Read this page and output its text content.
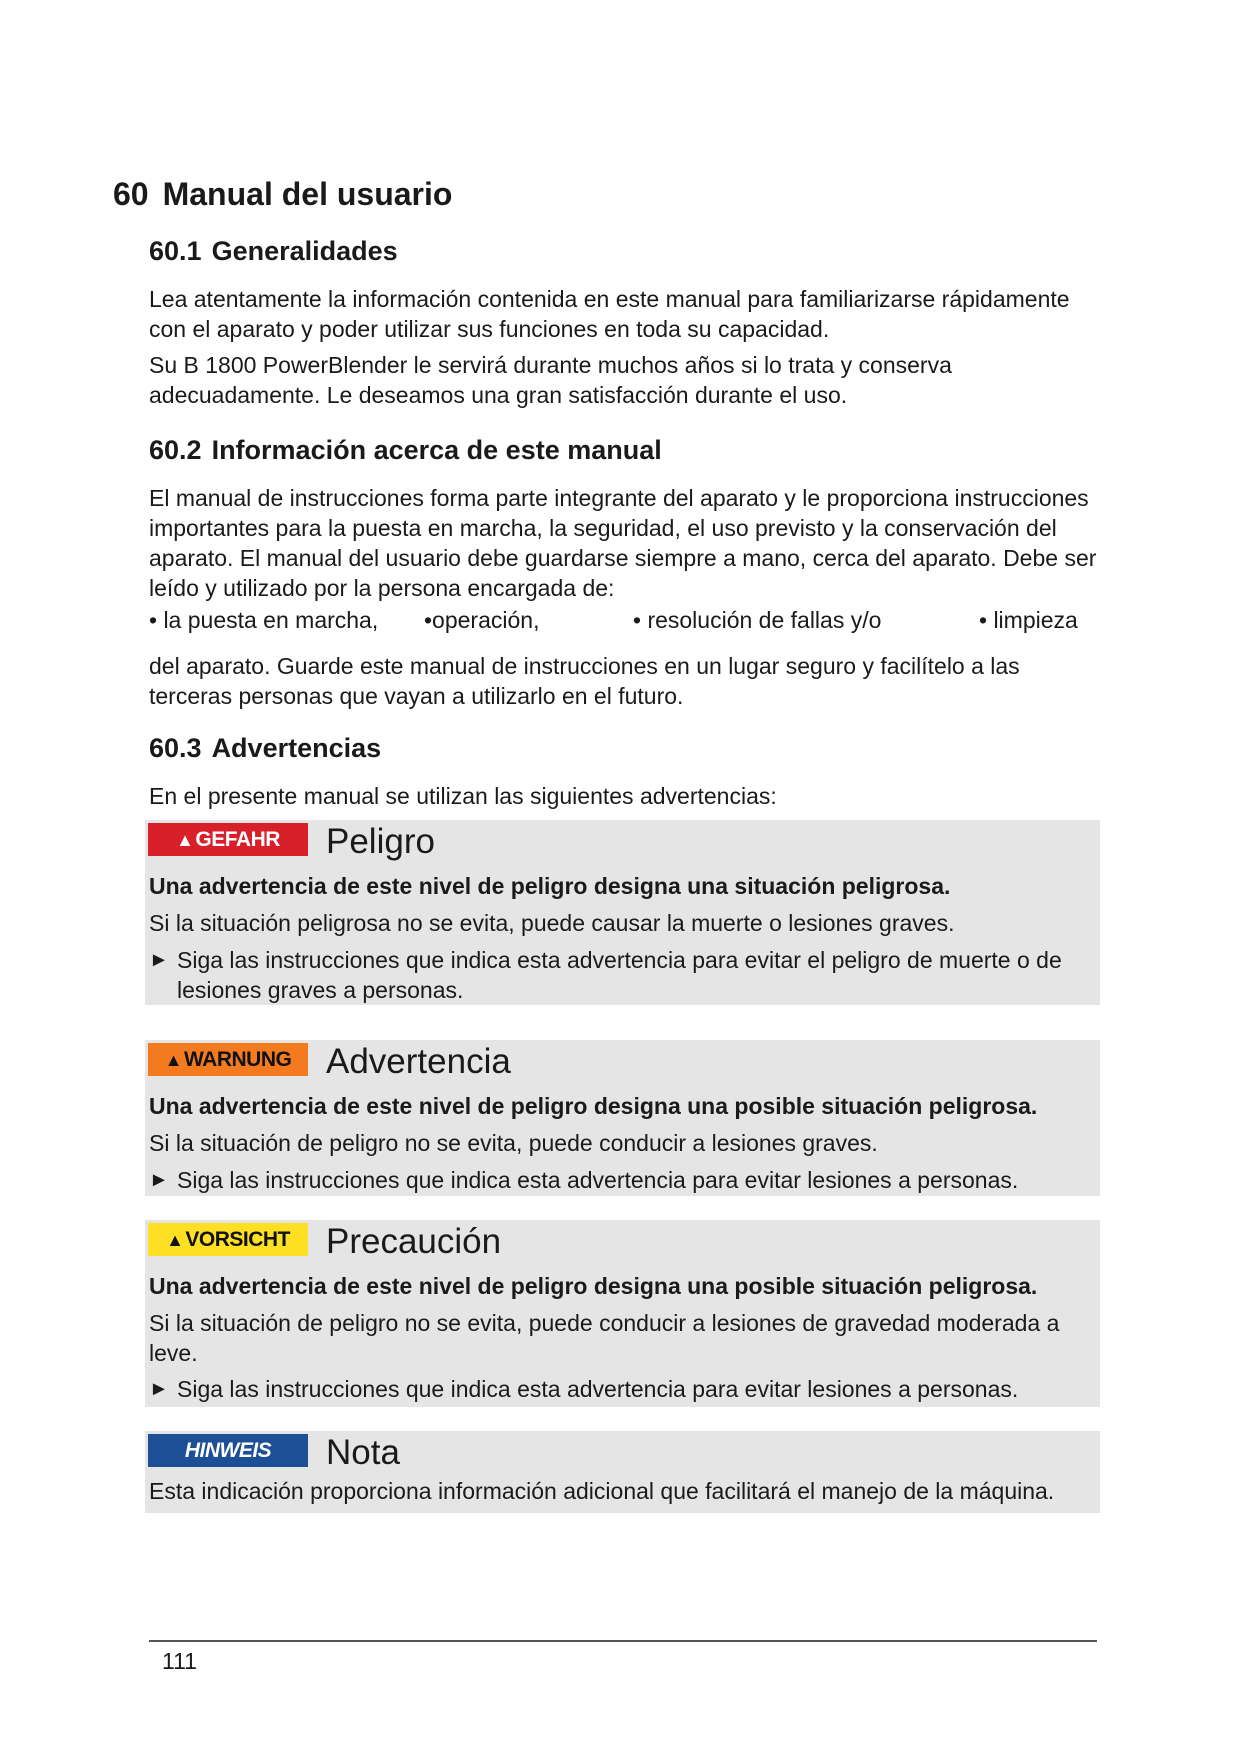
60 Manual del usuario
60.1 Generalidades

Lea atentamente la información contenida en este manual para familiarizarse rápidamente con el aparato y poder utilizar sus funciones en toda su capacidad.

Su B 1800 PowerBlender le servirá durante muchos años si lo trata y conserva adecuadamente. Le deseamos una gran satisfacción durante el uso.

60.2 Información acerca de este manual

El manual de instrucciones forma parte integrante del aparato y le proporciona instrucciones importantes para la puesta en marcha, la seguridad, el uso previsto y la conservación del aparato. El manual del usuario debe guardarse siempre a mano, cerca del aparato. Debe ser leído y utilizado por la persona encargada de:

• la puesta en marcha, •operación,	• resolución de fallas y/o	• limpieza

del aparato. Guarde este manual de instrucciones en un lugar seguro y facilítelo a las terceras personas que vayan a utilizarlo en el futuro.

60.3 Advertencias

En el presente manual se utilizan las siguientes advertencias:

▲GEFAHR	Peligro

Una advertencia de este nivel de peligro designa una situación peligrosa.

Si la situación peligrosa no se evita, puede causar la muerte o lesiones graves.

► Siga las instrucciones que indica esta advertencia para evitar el peligro de muerte o de lesiones graves a personas.
▲WARNUNG Advertencia

Una advertencia de este nivel de peligro designa una posible situación peligrosa.

Si la situación de peligro no se evita, puede conducir a lesiones graves.

► Siga las instrucciones que indica esta advertencia para evitar lesiones a personas.
▲VORSICHT	Precaución

Una advertencia de este nivel de peligro designa una posible situación peligrosa.

Si la situación de peligro no se evita, puede conducir a lesiones de gravedad moderada a leve.

► Siga las instrucciones que indica esta advertencia para evitar lesiones a personas.
HINWEIS	Nota

Esta indicación proporciona información adicional que facilitará el manejo de la máquina.

111
